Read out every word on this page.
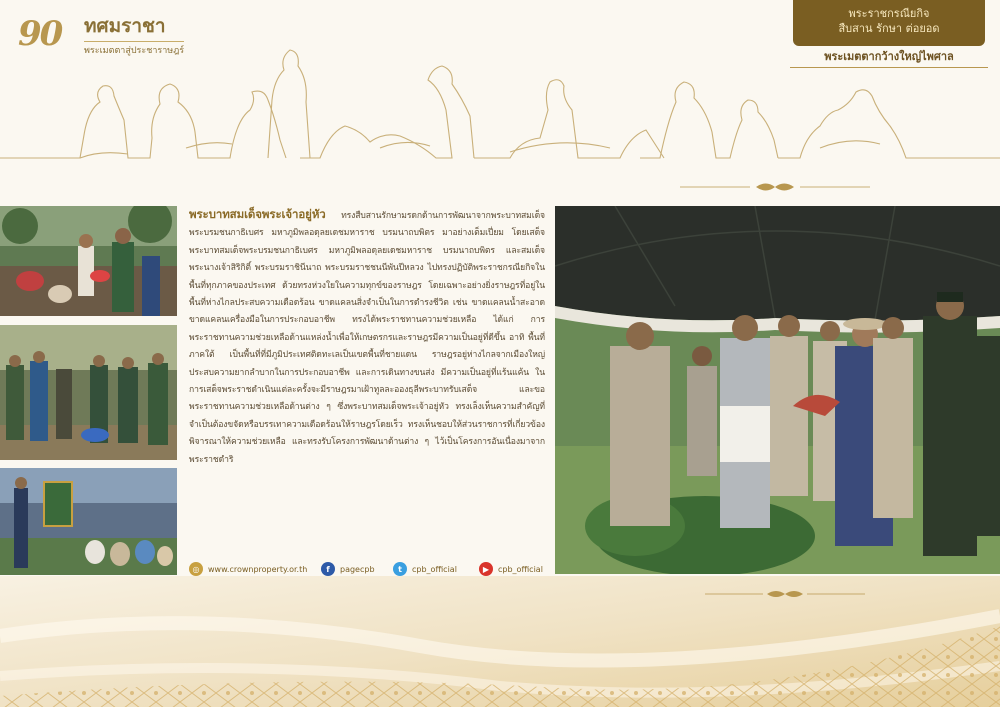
90 ทศมราชา
พระเมตตาสู่ประชาราษฎร์
พระราชกรณียกิจ
สืบสาน รักษา ต่อยอด
พระเมตตากว้างใหญ่ไพศาล
พระบาทสมเด็จพระเจ้าอยู่หัว ทรงสืบสานรักษามรดกด้านการพัฒนาจากพระบาทสมเด็จพระบรมชนกาธิเบศร มหาภูมิพลอดุลยเดชมหาราช บรมนาถบพิตร มาอย่างเต็มเปี่ยม โดยเสด็จพระบาทสมเด็จพระบรมชนกาธิเบศร มหาภูมิพลอดุลยเดชมหาราช บรมนาถบพิตร และสมเด็จพระนางเจ้าสิริกิติ์ พระบรมราชินีนาถ พระบรมราชชนนีพันปีหลวง ไปทรงปฏิบัติพระราชกรณียกิจในพื้นที่ทุกภาคของประเทศ ด้วยทรงห่วงใยในความทุกข์ของราษฎร โดยเฉพาะอย่างยิ่งราษฎรที่อยู่ในพื้นที่ห่างไกลประสบความเดือดร้อน ขาดแคลนสิ่งจำเป็นในการดำรงชีวิต เช่น ขาดแคลนน้ำสะอาด ขาดแคลนเครื่องมือในการประกอบอาชีพ ทรงได้พระราชทานความช่วยเหลือ ได้แก่ การพระราชทานความช่วยเหลือด้านแหล่งน้ำเพื่อให้เกษตรกรและราษฎรมีความเป็นอยู่ที่ดีขึ้น อาทิ พื้นที่ภาคใต้ เป็นพื้นที่ที่มีภูมิประเทศติดทะเลเป็นเขตพื้นที่ชายแดน ราษฎรอยู่ห่างไกลจากเมืองใหญ่ ประสบความยากลำบากในการประกอบอาชีพ และการเดินทางขนส่ง มีความเป็นอยู่ที่แร้นแค้น ในการเสด็จพระราชดำเนินแต่ละครั้งจะมีราษฎรมาเฝ้าทูลละอองธุลีพระบาทรับเสด็จ และขอพระราชทานความช่วยเหลือด้านต่าง ๆ ซึ่งพระบาทสมเด็จพระเจ้าอยู่หัว ทรงเล็งเห็นความสำคัญที่จำเป็นต้องขจัดหรือบรรเทาความเดือดร้อนให้ราษฎรโดยเร็ว ทรงเห็นชอบให้ส่วนราชการที่เกี่ยวข้องพิจารณาให้ความช่วยเหลือ และทรงรับโครงการพัฒนาด้านต่าง ๆ ไว้เป็นโครงการอันเนื่องมาจากพระราชดำริ
◎	www.crownproperty.or.th	f	pagecpb	t	cpb_official	▶	cpb_official
